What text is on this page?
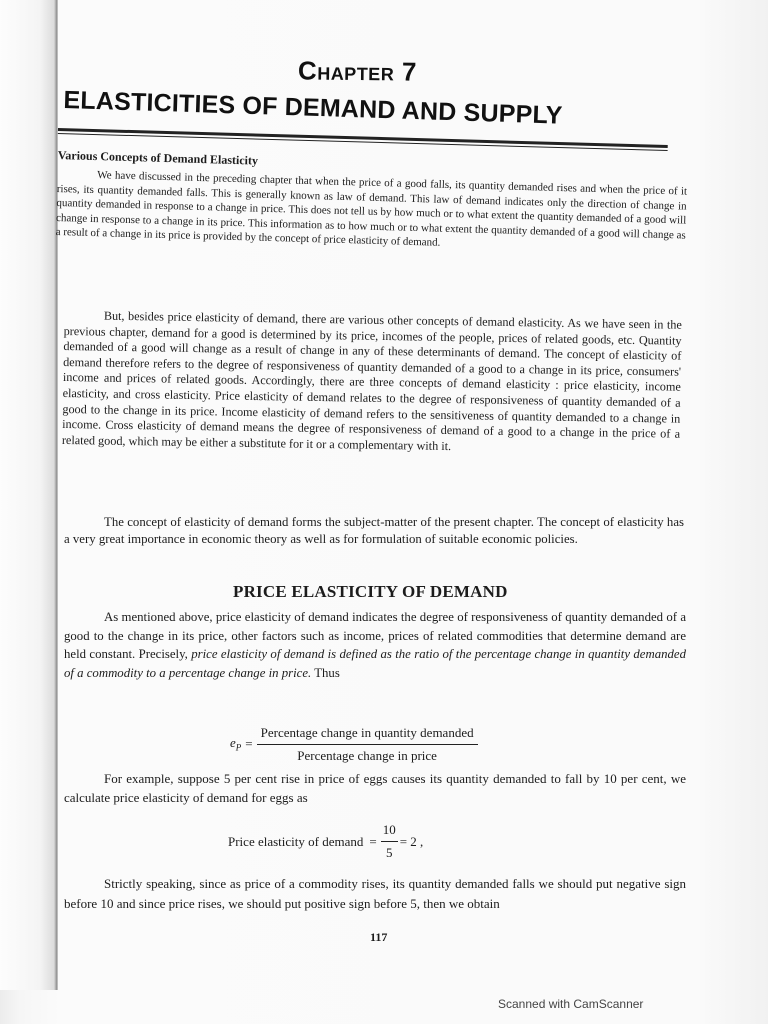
Chapter 7
ELASTICITIES OF DEMAND AND SUPPLY
Various Concepts of Demand Elasticity

We have discussed in the preceding chapter that when the price of a good falls, its quantity demanded rises and when the price of it rises, its quantity demanded falls. This is generally known as law of demand. This law of demand indicates only the direction of change in quantity demanded in response to a change in price. This does not tell us by how much or to what extent the quantity demanded of a good will change in response to a change in its price. This information as to how much or to what extent the quantity demanded of a good will change as a result of a change in its price is provided by the concept of price elasticity of demand.

But, besides price elasticity of demand, there are various other concepts of demand elasticity. As we have seen in the previous chapter, demand for a good is determined by its price, incomes of the people, prices of related goods, etc. Quantity demanded of a good will change as a result of change in any of these determinants of demand. The concept of elasticity of demand therefore refers to the degree of responsiveness of quantity demanded of a good to a change in its price, consumers' income and prices of related goods. Accordingly, there are three concepts of demand elasticity : price elasticity, income elasticity, and cross elasticity. Price elasticity of demand relates to the degree of responsiveness of quantity demanded of a good to the change in its price. Income elasticity of demand refers to the sensitiveness of quantity demanded to a change in income. Cross elasticity of demand means the degree of responsiveness of demand of a good to a change in the price of a related good, which may be either a substitute for it or a complementary with it.

The concept of elasticity of demand forms the subject-matter of the present chapter. The concept of elasticity has a very great importance in economic theory as well as for formulation of suitable economic policies.

PRICE ELASTICITY OF DEMAND

As mentioned above, price elasticity of demand indicates the degree of responsiveness of quantity demanded of a good to the change in its price, other factors such as income, prices of related commodities that determine demand are held constant. Precisely, price elasticity of demand is defined as the ratio of the percentage change in quantity demanded of a commodity to a percentage change in price. Thus

$e_P = \frac{\text{Percentage change in quantity demanded}}{\text{Percentage change in price}}$

For example, suppose 5 per cent rise in price of eggs causes its quantity demanded to fall by 10 per cent, we calculate price elasticity of demand for eggs as

Price elasticity of demand = $\frac{10}{5} = 2$ ,

Strictly speaking, since as price of a commodity rises, its quantity demanded falls we should put negative sign before 10 and since price rises, we should put positive sign before 5, then we obtain

117
Scanned with CamScanner
